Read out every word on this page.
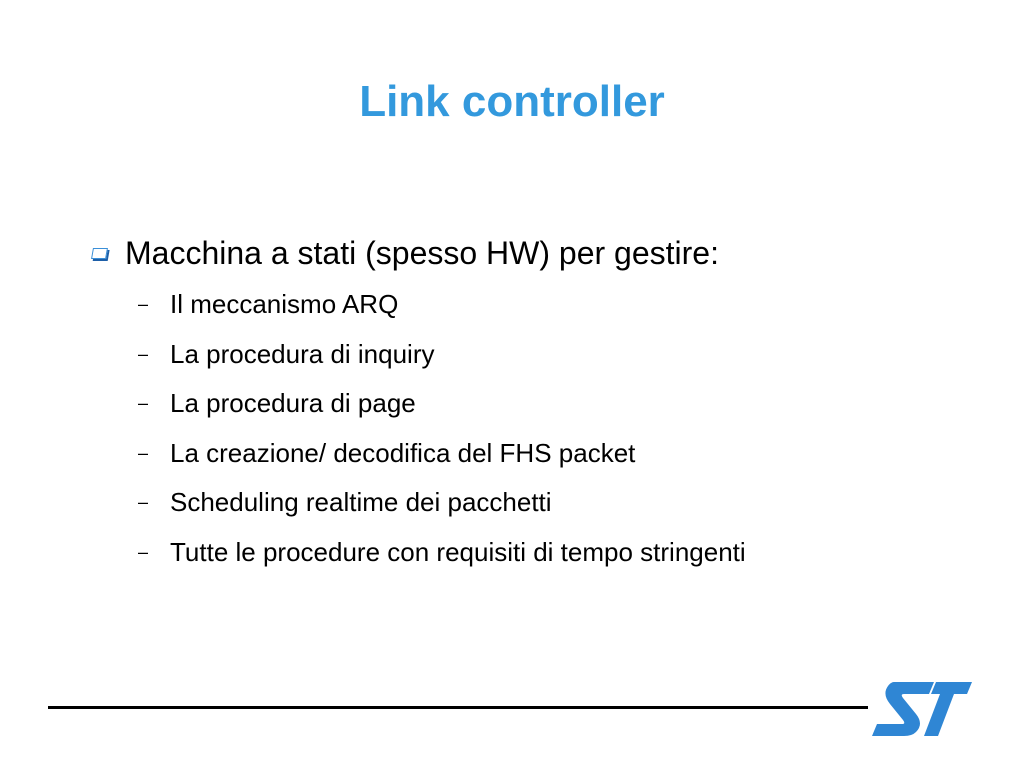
Link controller
Macchina a stati (spesso HW) per gestire:
– Il meccanismo ARQ
– La procedura di inquiry
– La procedura di page
– La creazione/ decodifica del FHS packet
– Scheduling realtime dei pacchetti
– Tutte le procedure con requisiti di tempo stringenti
